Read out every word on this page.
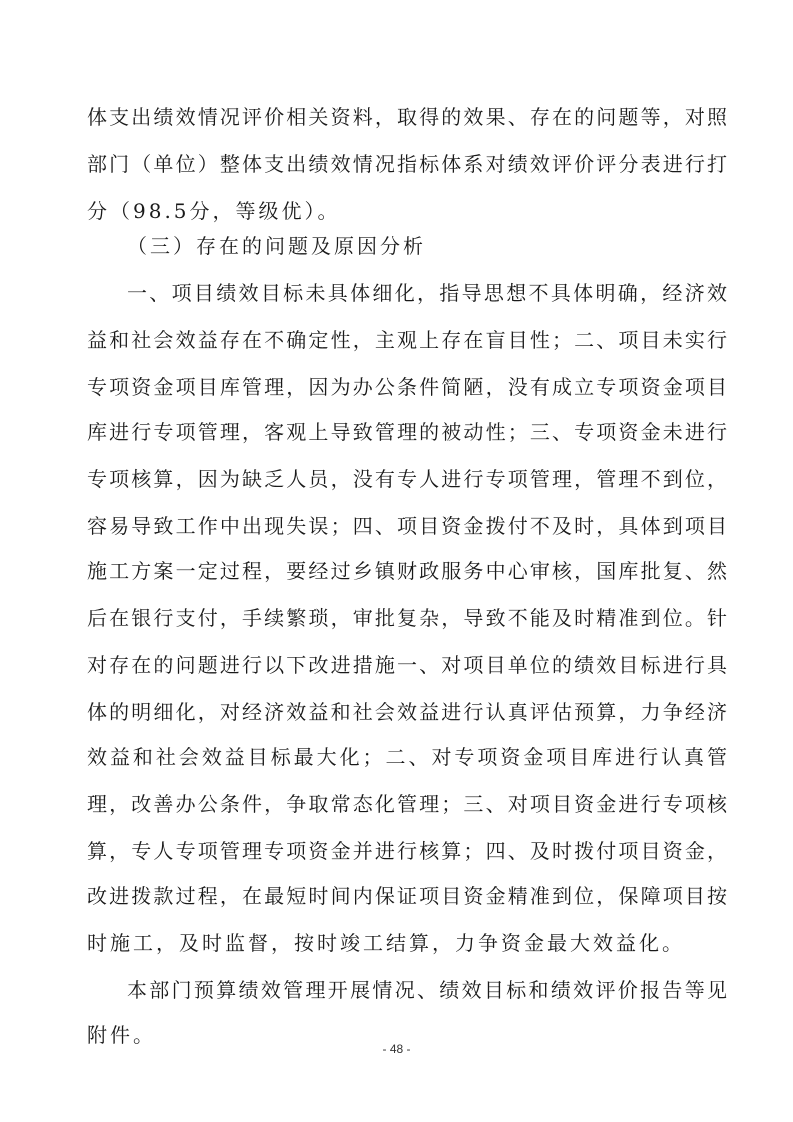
体支出绩效情况评价相关资料，取得的效果、存在的问题等，对照
部门（单位）整体支出绩效情况指标体系对绩效评价评分表进行打
分（98.5分，等级优）。
（三）存在的问题及原因分析
一、项目绩效目标未具体细化，指导思想不具体明确，经济效
益和社会效益存在不确定性，主观上存在盲目性；二、项目未实行
专项资金项目库管理，因为办公条件简陋，没有成立专项资金项目
库进行专项管理，客观上导致管理的被动性；三、专项资金未进行
专项核算，因为缺乏人员，没有专人进行专项管理，管理不到位，
容易导致工作中出现失误；四、项目资金拨付不及时，具体到项目
施工方案一定过程，要经过乡镇财政服务中心审核，国库批复、然
后在银行支付，手续繁琐，审批复杂，导致不能及时精准到位。针
对存在的问题进行以下改进措施一、对项目单位的绩效目标进行具
体的明细化，对经济效益和社会效益进行认真评估预算，力争经济
效益和社会效益目标最大化；二、对专项资金项目库进行认真管
理，改善办公条件，争取常态化管理；三、对项目资金进行专项核
算，专人专项管理专项资金并进行核算；四、及时拨付项目资金，
改进拨款过程，在最短时间内保证项目资金精准到位，保障项目按
时施工，及时监督，按时竣工结算，力争资金最大效益化。
本部门预算绩效管理开展情况、绩效目标和绩效评价报告等见
附件。
- 48 -
